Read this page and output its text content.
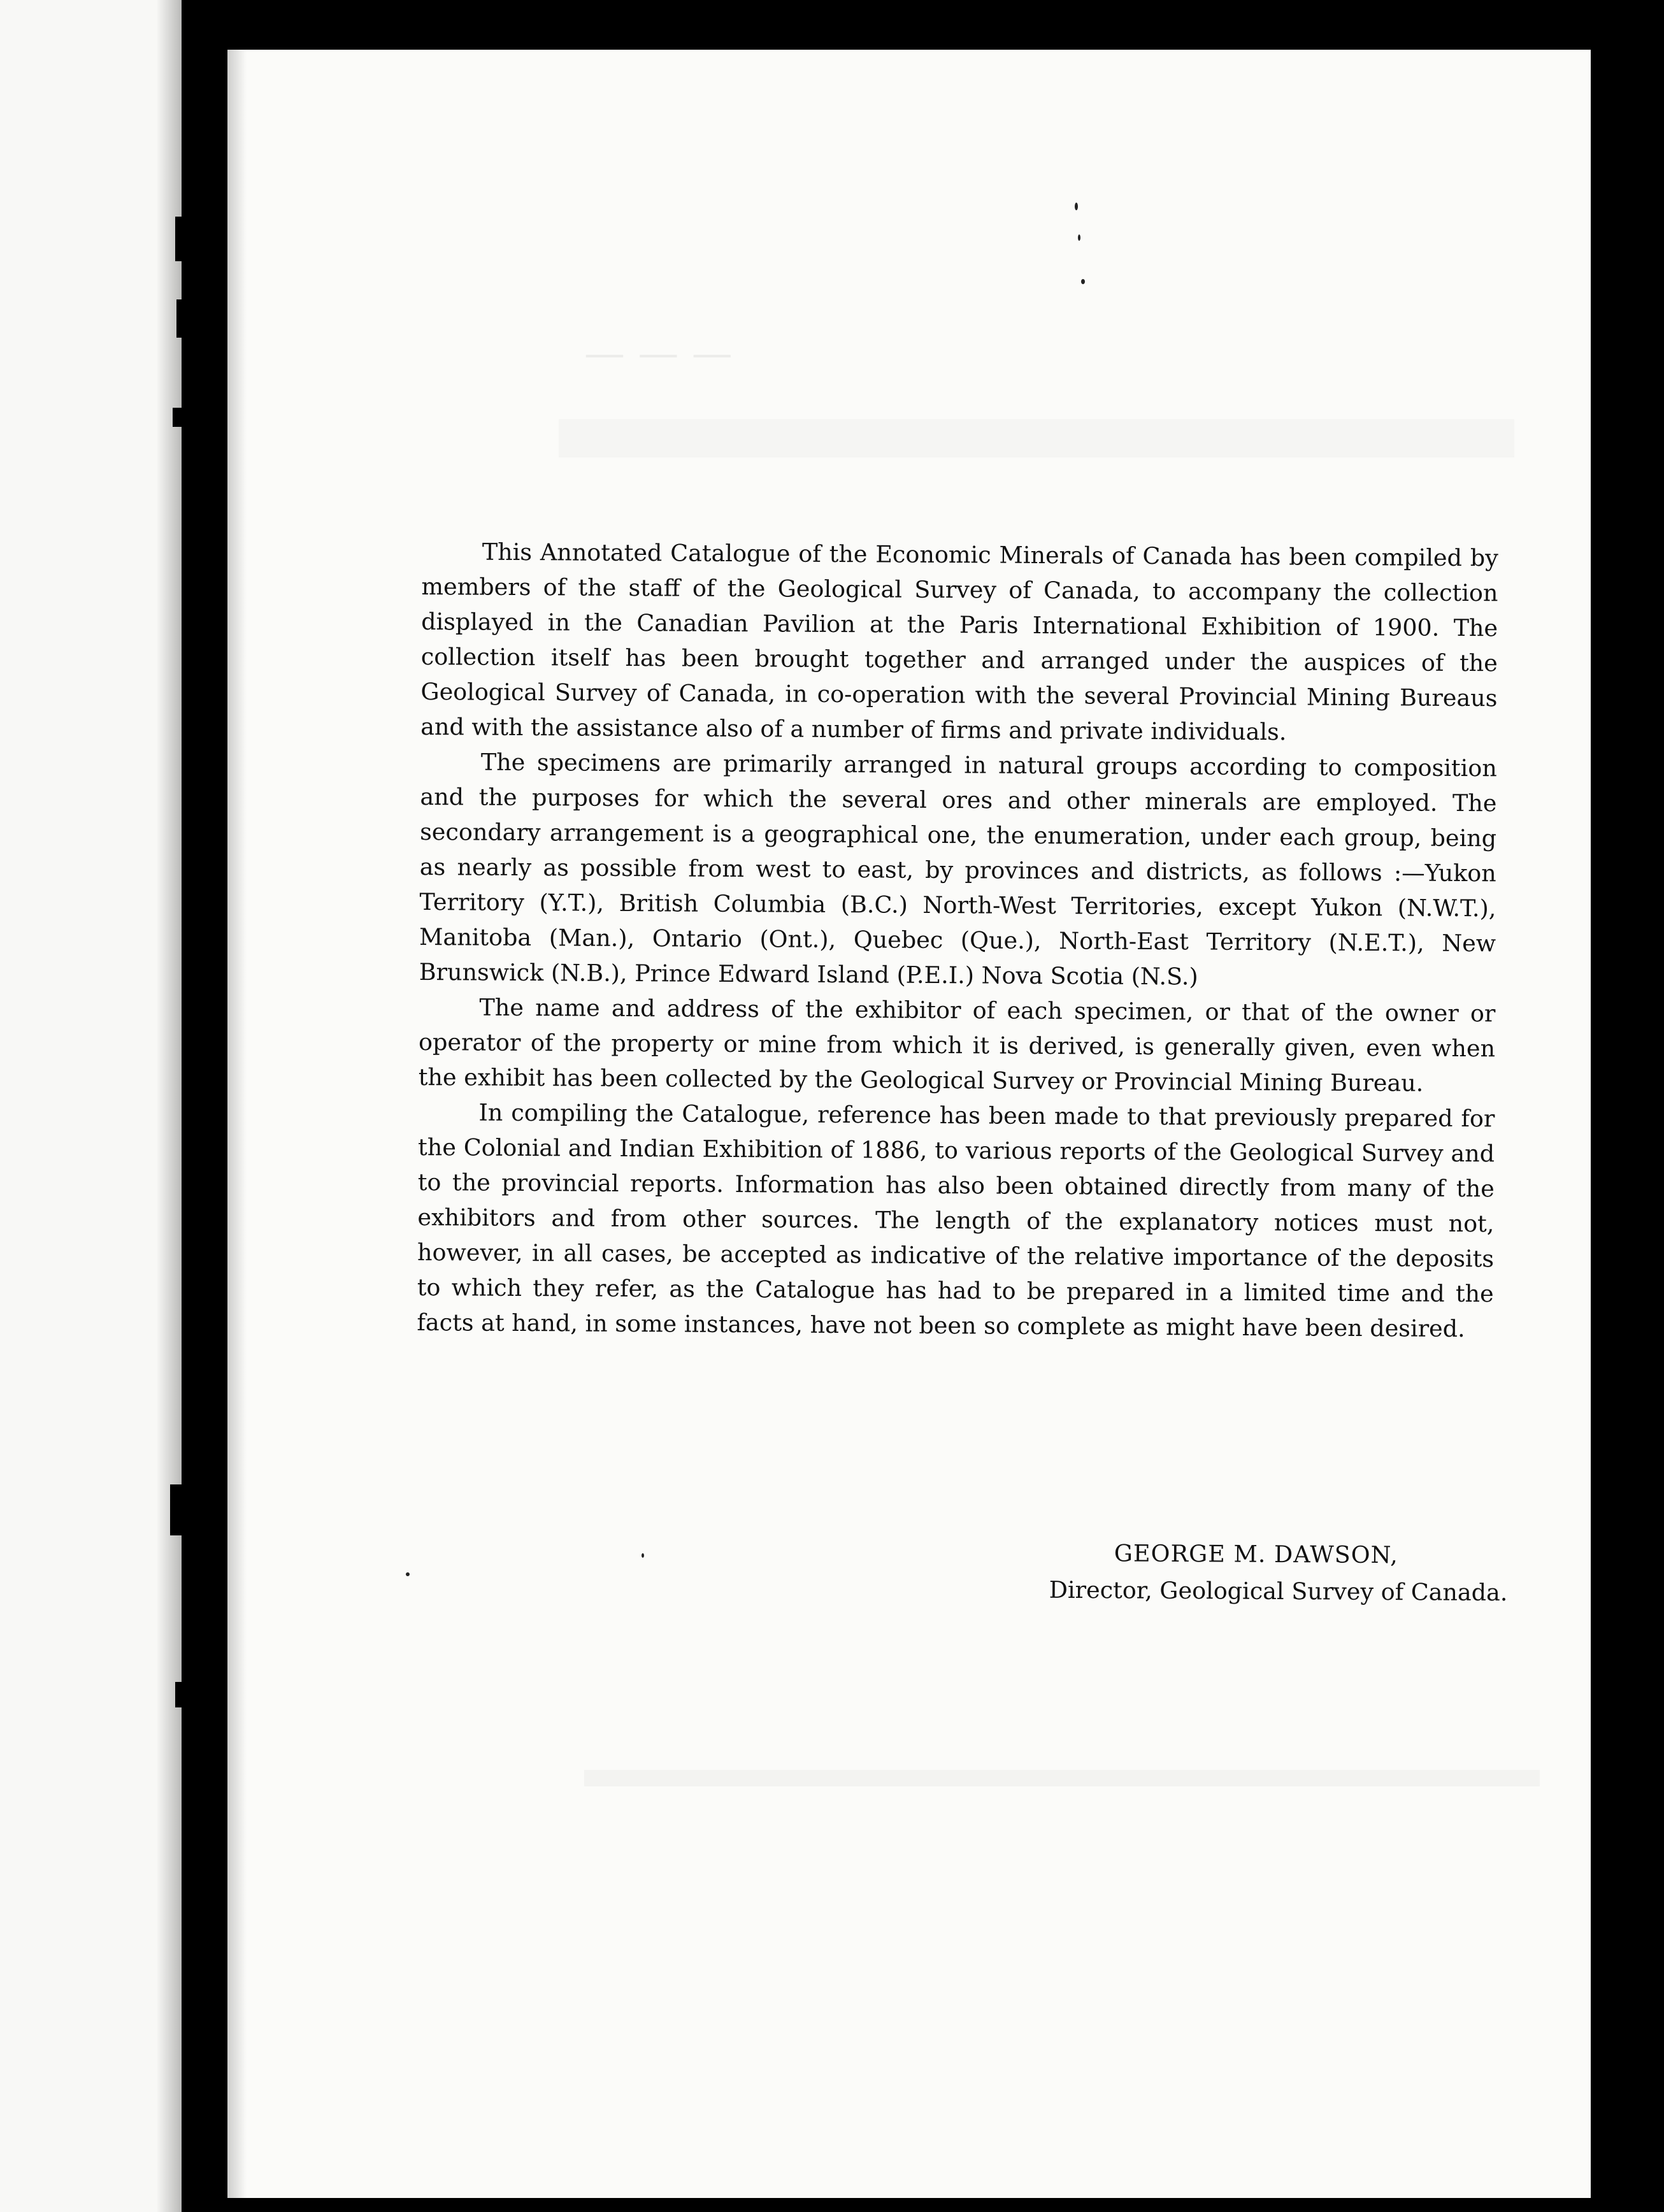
— — —

This Annotated Catalogue of the Economic Minerals of Canada has been compiled by members of the staff of the Geological Survey of Canada, to accompany the collection displayed in the Canadian Pavilion at the Paris International Exhibition of 1900. The collection itself has been brought together and arranged under the auspices of the Geological Survey of Canada, in co-operation with the several Provincial Mining Bureaus and with the assistance also of a number of firms and private individuals.

The specimens are primarily arranged in natural groups according to composition and the purposes for which the several ores and other minerals are employed. The secondary arrangement is a geographical one, the enumeration, under each group, being as nearly as possible from west to east, by provinces and districts, as follows :—Yukon Territory (Y.T.), British Columbia (B.C.) North-West Territories, except Yukon (N.W.T.), Manitoba (Man.), Ontario (Ont.), Quebec (Que.), North-East Territory (N.E.T.), New Brunswick (N.B.), Prince Edward Island (P.E.I.) Nova Scotia (N.S.)

The name and address of the exhibitor of each specimen, or that of the owner or operator of the property or mine from which it is derived, is generally given, even when the exhibit has been collected by the Geological Survey or Provincial Mining Bureau.

In compiling the Catalogue, reference has been made to that previously prepared for the Colonial and Indian Exhibition of 1886, to various reports of the Geological Survey and to the provincial reports. Information has also been obtained directly from many of the exhibitors and from other sources. The length of the explanatory notices must not, however, in all cases, be accepted as indicative of the relative importance of the deposits to which they refer, as the Catalogue has had to be prepared in a limited time and the facts at hand, in some instances, have not been so complete as might have been desired.

GEORGE M. DAWSON,
Director, Geological Survey of Canada.
